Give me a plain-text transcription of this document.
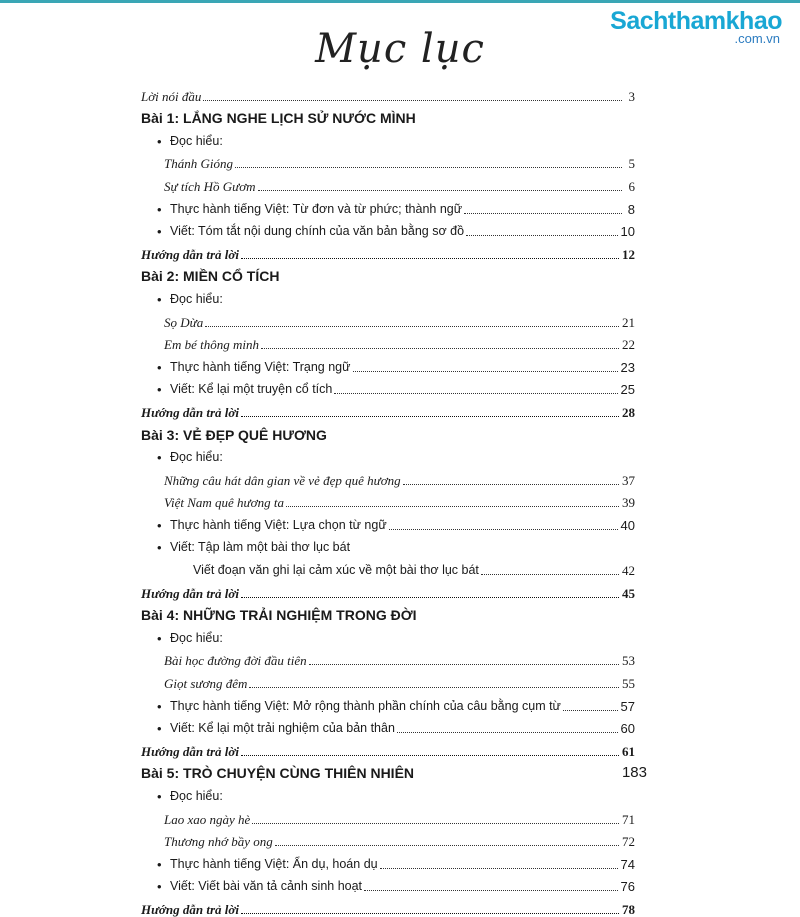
Sachthamkhao
.com.vn
Mục lục
Lời nói đầu	3
Bài 1: LẮNG NGHE LỊCH SỬ NƯỚC MÌNH
• Đọc hiểu:
Thánh Gióng	5
Sự tích Hồ Gươm	6
• Thực hành tiếng Việt: Từ đơn và từ phức; thành ngữ	8
• Viết: Tóm tắt nội dung chính của văn bản bằng sơ đồ	10
Hướng dẫn trả lời	12
Bài 2: MIỀN CỔ TÍCH
• Đọc hiểu:
Sọ Dừa	21
Em bé thông minh	22
• Thực hành tiếng Việt: Trạng ngữ	23
• Viết: Kể lại một truyện cổ tích	25
Hướng dẫn trả lời	28
Bài 3: VẺ ĐẸP QUÊ HƯƠNG
• Đọc hiểu:
Những câu hát dân gian về vẻ đẹp quê hương	37
Việt Nam quê hương ta	39
• Thực hành tiếng Việt: Lựa chọn từ ngữ	40
• Viết: Tập làm một bài thơ lục bát
Viết đoạn văn ghi lại cảm xúc về một bài thơ lục bát	42
Hướng dẫn trả lời	45
Bài 4: NHỮNG TRẢI NGHIỆM TRONG ĐỜI
• Đọc hiểu:
Bài học đường đời đầu tiên	53
Giọt sương đêm	55
• Thực hành tiếng Việt: Mở rộng thành phần chính của câu bằng cụm từ	57
• Viết: Kể lại một trải nghiệm của bản thân	60
Hướng dẫn trả lời	61
Bài 5: TRÒ CHUYỆN CÙNG THIÊN NHIÊN
• Đọc hiểu:
Lao xao ngày hè	71
Thương nhớ bầy ong	72
• Thực hành tiếng Việt: Ẩn dụ, hoán dụ	74
• Viết: Viết bài văn tả cảnh sinh hoạt	76
Hướng dẫn trả lời	78
183
